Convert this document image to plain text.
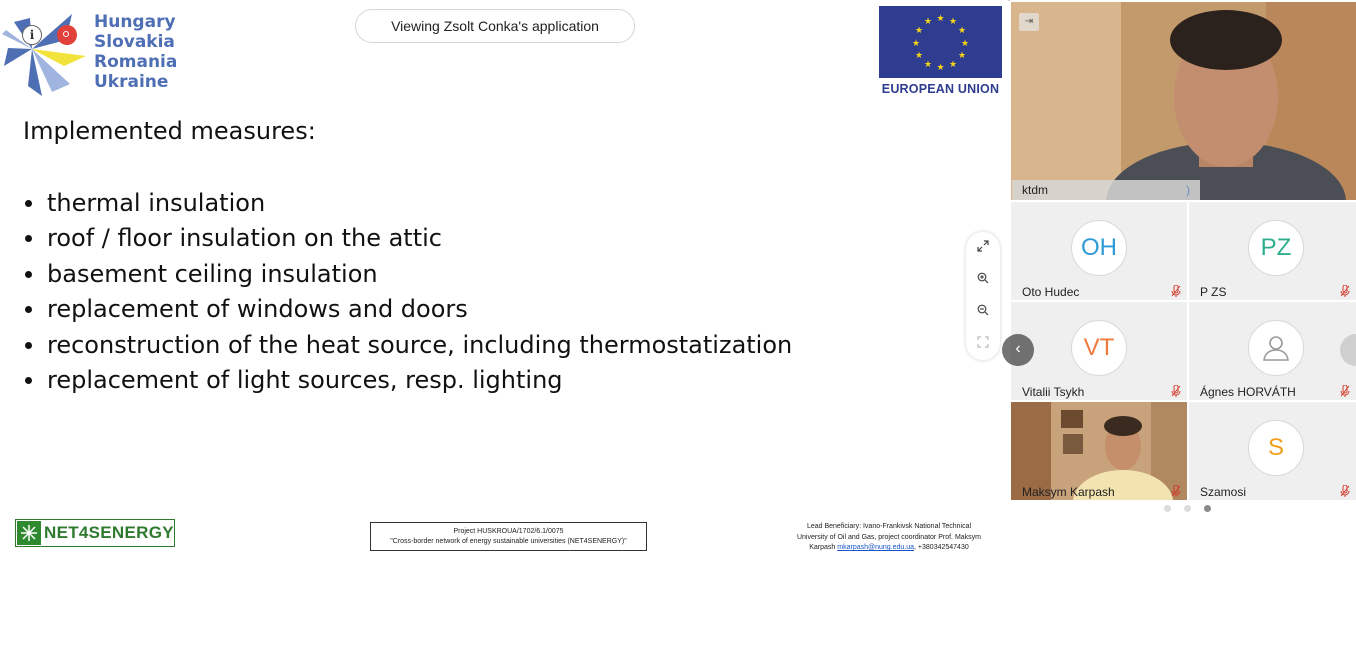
i
Hungary
Slovakia
Romania
Ukraine
Viewing Zsolt Conka's application	★ ★
★
★
★
★
★
★
★
★
★
★
EUROPEAN UNION
Implemented measures:
thermal insulation
roof / floor insulation on the attic
basement ceiling insulation
replacement of windows and doors
reconstruction of the heat source, including thermostatization
replacement of light sources, resp. lighting
NET4SENERGY	Project HUSKROUA/1702/6.1/0075
"Cross-border network of energy sustainable universities (NET4SENERGY)"
Lead Beneficiary: Ivano-Frankivsk National Technical
University of Oil and Gas, project coordinator Prof. Maksym
Karpash mkarpash@nung.edu.ua, +380342547430
⇥
ktdm	)
OH
Oto Hudec
PZ
P ZS
VT
Vitalii Tsykh	Ágnes HORVÁTH
Maksym Karpash
S
Szamosi
‹
